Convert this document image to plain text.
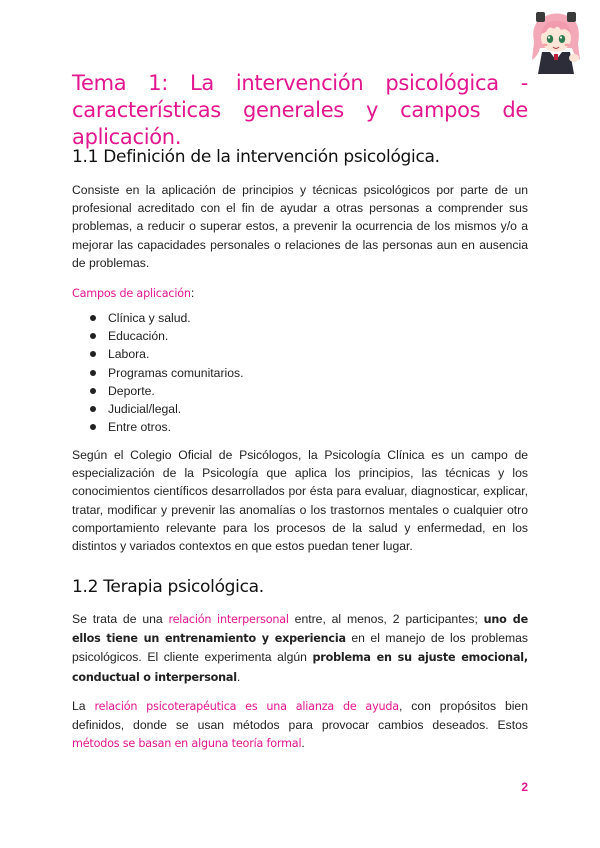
Tema 1: La intervención psicológica - características generales y campos de aplicación.
1.1 Definición de la intervención psicológica.

Consiste en la aplicación de principios y técnicas psicológicos por parte de un profesional acreditado con el fin de ayudar a otras personas a comprender sus problemas, a reducir o superar estos, a prevenir la ocurrencia de los mismos y/o a mejorar las capacidades personales o relaciones de las personas aun en ausencia de problemas.

Campos de aplicación:

Clínica y salud.
Educación.
Labora.
Programas comunitarios.
Deporte.
Judicial/legal.
Entre otros.

Según el Colegio Oficial de Psicólogos, la Psicología Clínica es un campo de especialización de la Psicología que aplica los principios, las técnicas y los conocimientos científicos desarrollados por ésta para evaluar, diagnosticar, explicar, tratar, modificar y prevenir las anomalías o los trastornos mentales o cualquier otro comportamiento relevante para los procesos de la salud y enfermedad, en los distintos y variados contextos en que estos puedan tener lugar.

1.2 Terapia psicológica.

Se trata de una relación interpersonal entre, al menos, 2 participantes; uno de ellos tiene un entrenamiento y experiencia en el manejo de los problemas psicológicos. El cliente experimenta algún problema en su ajuste emocional, conductual o interpersonal.

La relación psicoterapéutica es una alianza de ayuda, con propósitos bien definidos, donde se usan métodos para provocar cambios deseados. Estos métodos se basan en alguna teoría formal.

2
